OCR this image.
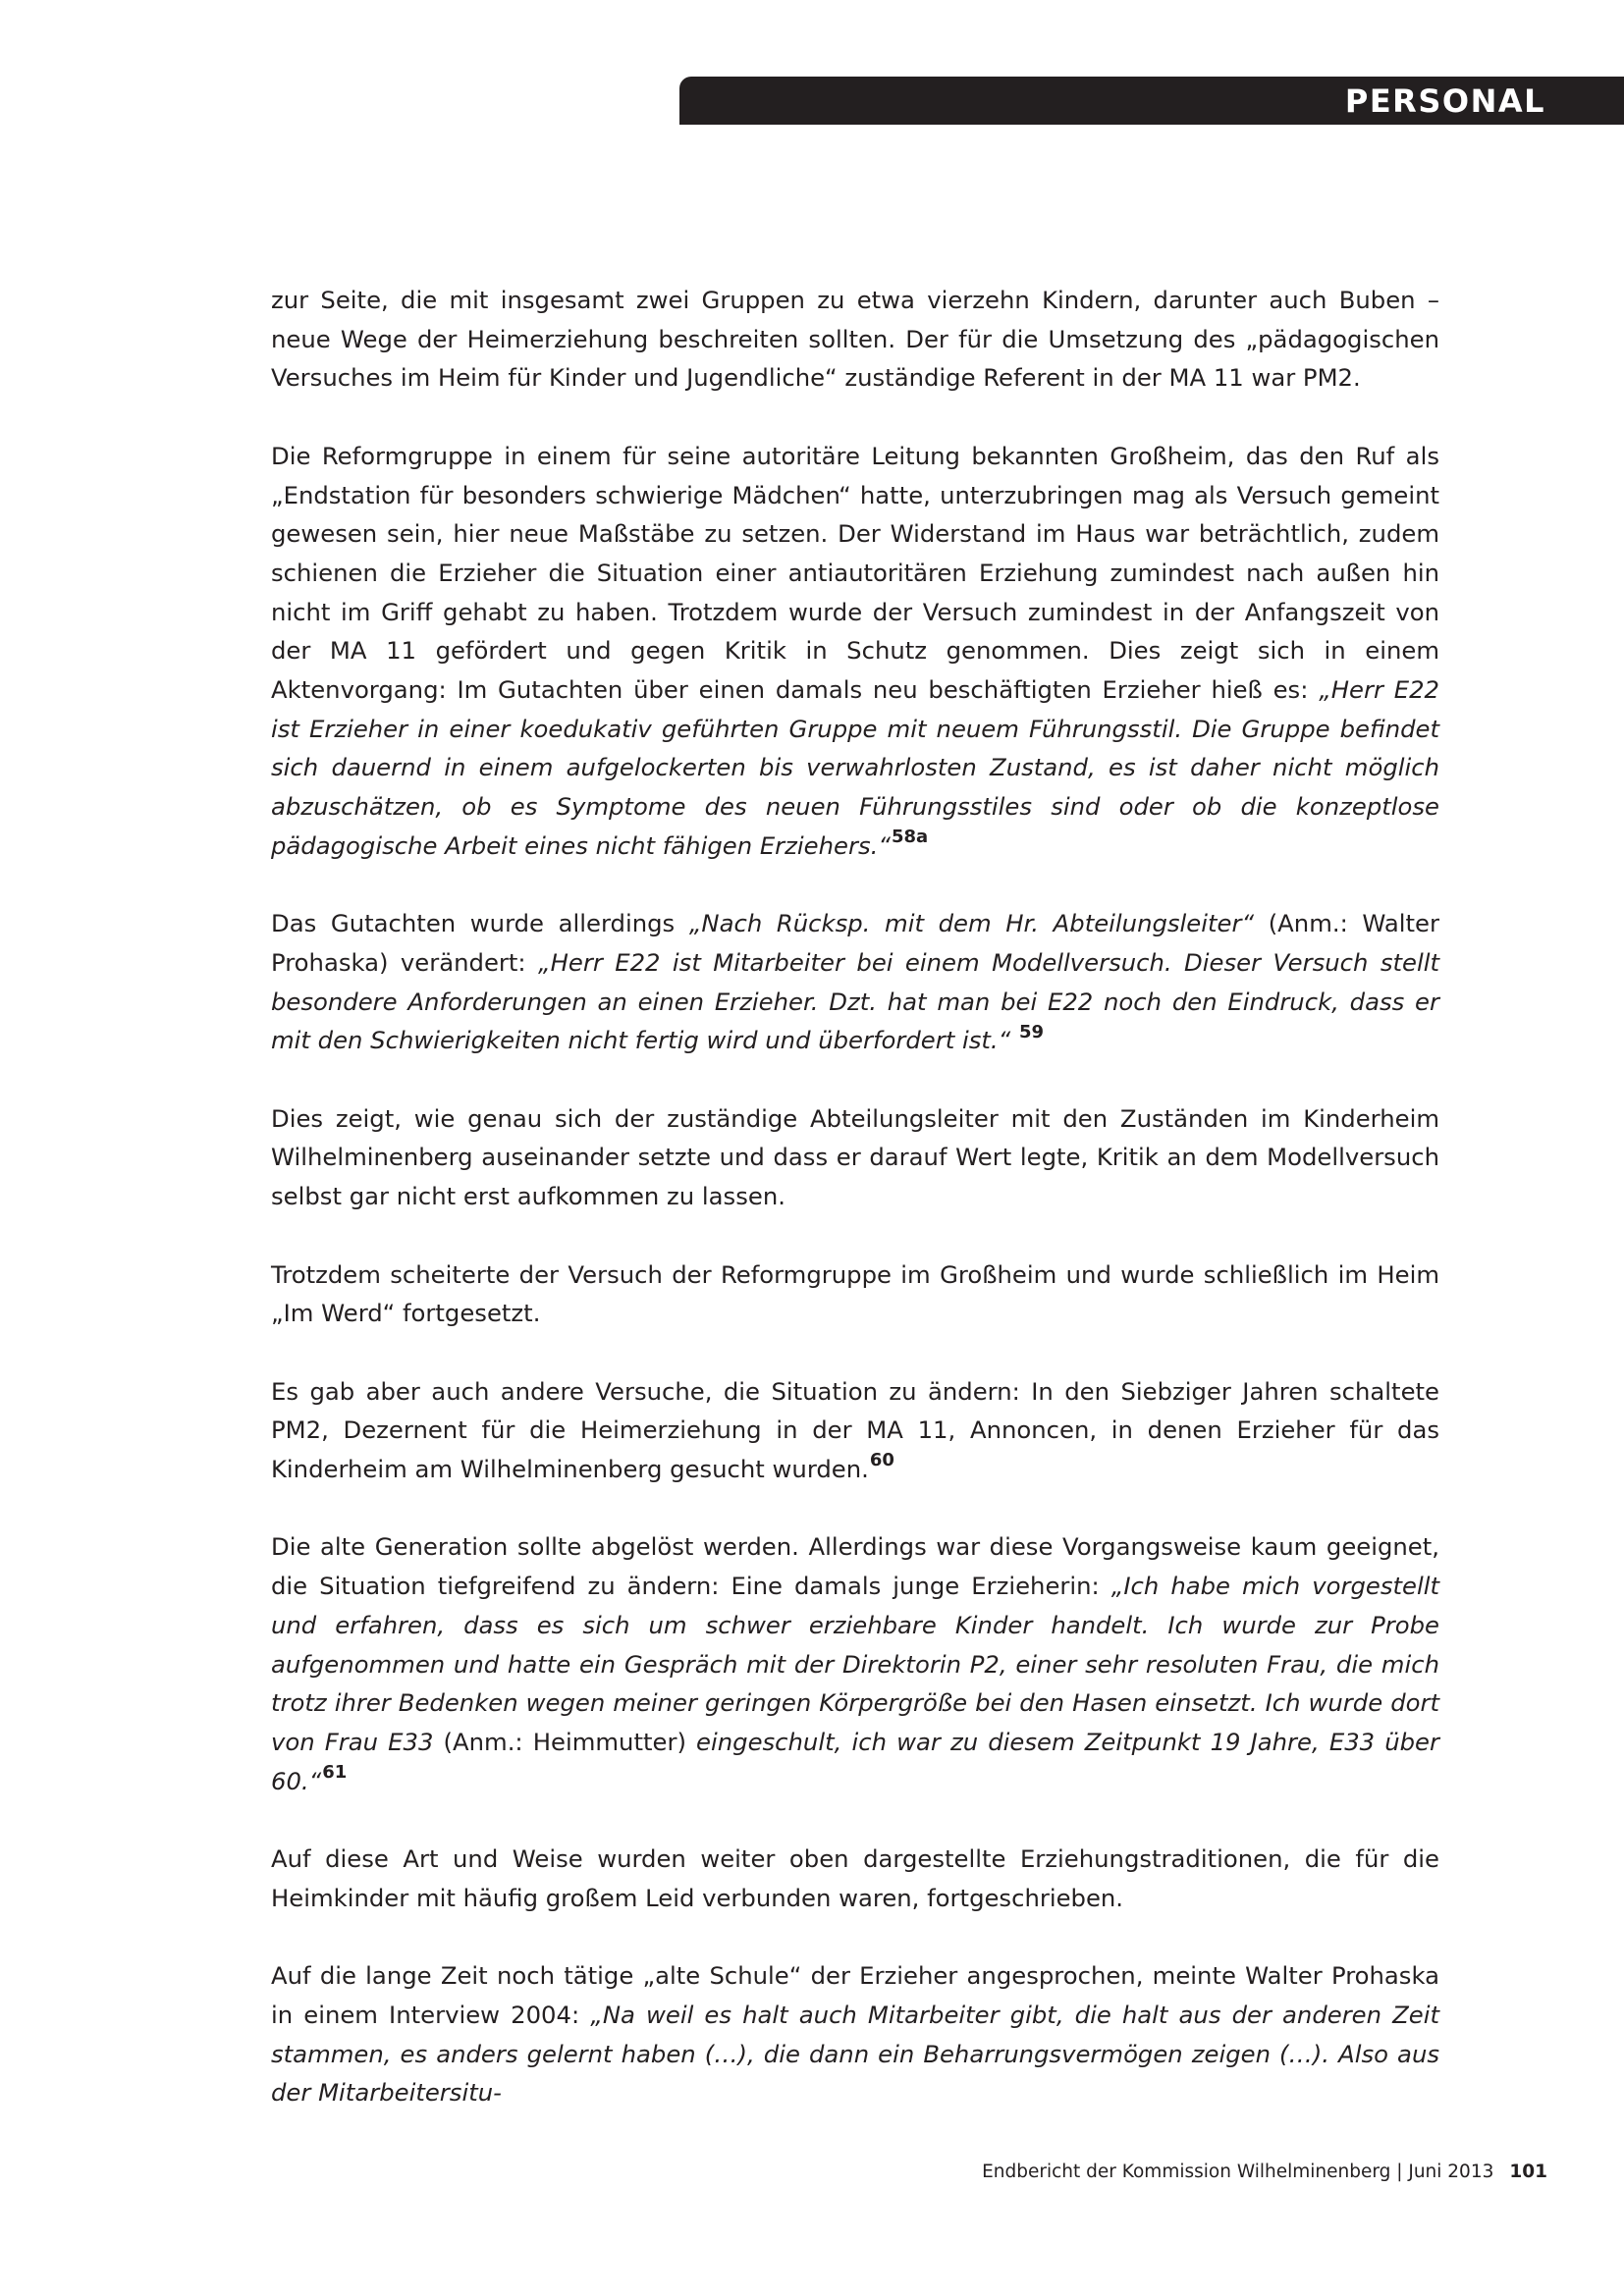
PERSONAL

zur Seite, die mit insgesamt zwei Gruppen zu etwa vierzehn Kindern, darunter auch Buben – neue Wege der Heimerziehung beschreiten sollten. Der für die Umsetzung des „pädagogischen Versuches im Heim für Kinder und Jugendliche“ zuständige Referent in der MA 11 war PM2.

Die Reformgruppe in einem für seine autoritäre Leitung bekannten Großheim, das den Ruf als „Endstation für besonders schwierige Mädchen“ hatte, unterzubringen mag als Versuch gemeint gewesen sein, hier neue Maßstäbe zu setzen. Der Widerstand im Haus war beträchtlich, zudem schienen die Erzieher die Situation einer antiautoritären Erziehung zumindest nach außen hin nicht im Griff gehabt zu haben. Trotzdem wurde der Versuch zumindest in der Anfangszeit von der MA 11 gefördert und gegen Kritik in Schutz genommen. Dies zeigt sich in einem Aktenvorgang: Im Gutachten über einen damals neu beschäftigten Erzieher hieß es: „Herr E22 ist Erzieher in einer koedukativ geführten Gruppe mit neuem Führungsstil. Die Gruppe befindet sich dauernd in einem aufgelockerten bis verwahrlosten Zustand, es ist daher nicht möglich abzuschätzen, ob es Symptome des neuen Führungsstiles sind oder ob die konzeptlose pädagogische Arbeit eines nicht fähigen Erziehers.“$^{58a}$

Das Gutachten wurde allerdings „Nach Rücksp. mit dem Hr. Abteilungsleiter“ (Anm.: Walter Prohaska) verändert: „Herr E22 ist Mitarbeiter bei einem Modellversuch. Dieser Versuch stellt besondere Anforderungen an einen Erzieher. Dzt. hat man bei E22 noch den Eindruck, dass er mit den Schwierigkeiten nicht fertig wird und überfordert ist.“ $^{59}$

Dies zeigt, wie genau sich der zuständige Abteilungsleiter mit den Zuständen im Kinderheim Wilhelminenberg auseinander setzte und dass er darauf Wert legte, Kritik an dem Modellversuch selbst gar nicht erst aufkommen zu lassen.

Trotzdem scheiterte der Versuch der Reformgruppe im Großheim und wurde schließlich im Heim „Im Werd“ fortgesetzt.

Es gab aber auch andere Versuche, die Situation zu ändern: In den Siebziger Jahren schaltete PM2, Dezernent für die Heimerziehung in der MA 11, Annoncen, in denen Erzieher für das Kinderheim am Wilhelminenberg gesucht wurden.$^{60}$

Die alte Generation sollte abgelöst werden. Allerdings war diese Vorgangsweise kaum geeignet, die Situation tiefgreifend zu ändern: Eine damals junge Erzieherin: „Ich habe mich vorgestellt und erfahren, dass es sich um schwer erziehbare Kinder handelt. Ich wurde zur Probe aufgenommen und hatte ein Gespräch mit der Direktorin P2, einer sehr resoluten Frau, die mich trotz ihrer Bedenken wegen meiner geringen Körpergröße bei den Hasen einsetzt. Ich wurde dort von Frau E33 (Anm.: Heimmutter) eingeschult, ich war zu diesem Zeitpunkt 19 Jahre, E33 über 60.“$^{61}$

Auf diese Art und Weise wurden weiter oben dargestellte Erziehungstraditionen, die für die Heimkinder mit häufig großem Leid verbunden waren, fortgeschrieben.

Auf die lange Zeit noch tätige „alte Schule“ der Erzieher angesprochen, meinte Walter Prohaska in einem Interview 2004: „Na weil es halt auch Mitarbeiter gibt, die halt aus der anderen Zeit stammen, es anders gelernt haben (…), die dann ein Beharrungsvermögen zeigen (…). Also aus der Mitarbeitersitu-

Endbericht der Kommission Wilhelminenberg | Juni 2013 101
